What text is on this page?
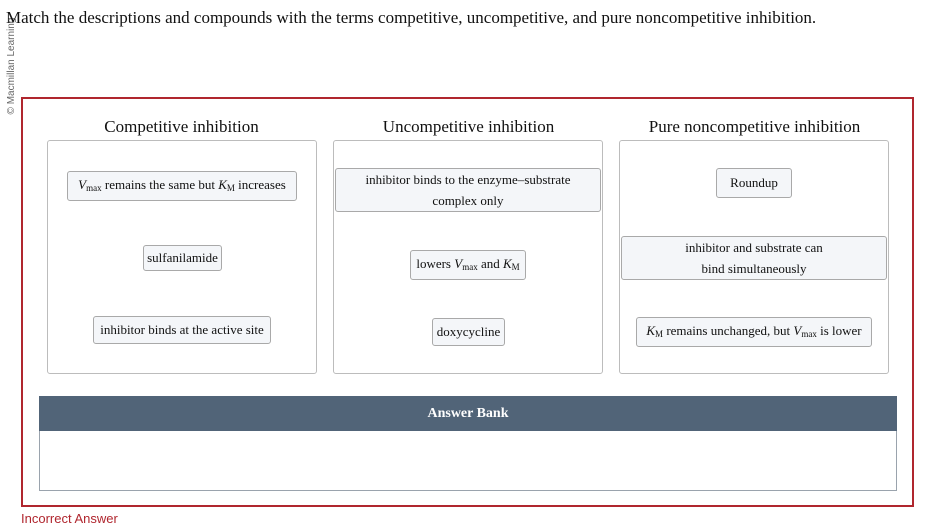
© Macmillan Learning
Match the descriptions and compounds with the terms competitive, uncompetitive, and pure noncompetitive inhibition.
Competitive inhibition	Uncompetitive inhibition	Pure noncompetitive inhibition
$V_{max}$ remains the same but $K_M$ increases
sulfanilamide
inhibitor binds at the active site
inhibitor binds to the enzyme–substrate
complex only
lowers $V_{max}$ and $K_M$
doxycycline
Roundup
inhibitor and substrate can
bind simultaneously
$K_M$ remains unchanged, but $V_{max}$ is lower
Answer Bank
Incorrect Answer
